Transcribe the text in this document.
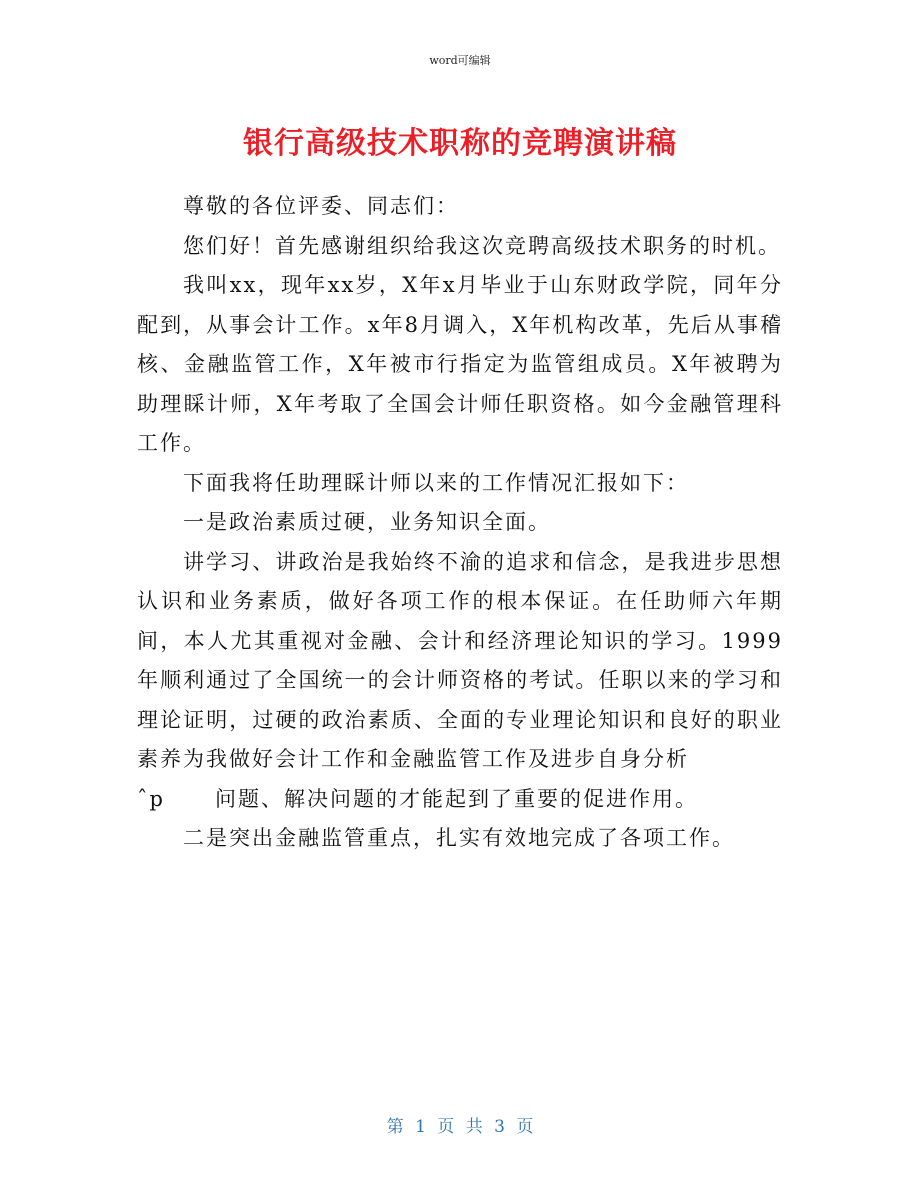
word可编辑
银行高级技术职称的竞聘演讲稿

尊敬的各位评委、同志们：

您们好！首先感谢组织给我这次竞聘高级技术职务的时机。

我叫xx，现年xx岁，X年x月毕业于山东财政学院，同年分配到，从事会计工作。x年8月调入，X年机构改革，先后从事稽核、金融监管工作，X年被市行指定为监管组成员。X年被聘为助理睬计师，X年考取了全国会计师任职资格。如今金融管理科工作。

下面我将任助理睬计师以来的工作情况汇报如下：

一是政治素质过硬，业务知识全面。

讲学习、讲政治是我始终不渝的追求和信念，是我进步思想认识和业务素质，做好各项工作的根本保证。在任助师六年期间，本人尤其重视对金融、会计和经济理论知识的学习。1999年顺利通过了全国统一的会计师资格的考试。任职以来的学习和理论证明，过硬的政治素质、全面的专业理论知识和良好的职业素养为我做好会计工作和金融监管工作及进步自身分析
ˆp 问题、解决问题的才能起到了重要的促进作用。

二是突出金融监管重点，扎实有效地完成了各项工作。

第 1 页 共 3 页
